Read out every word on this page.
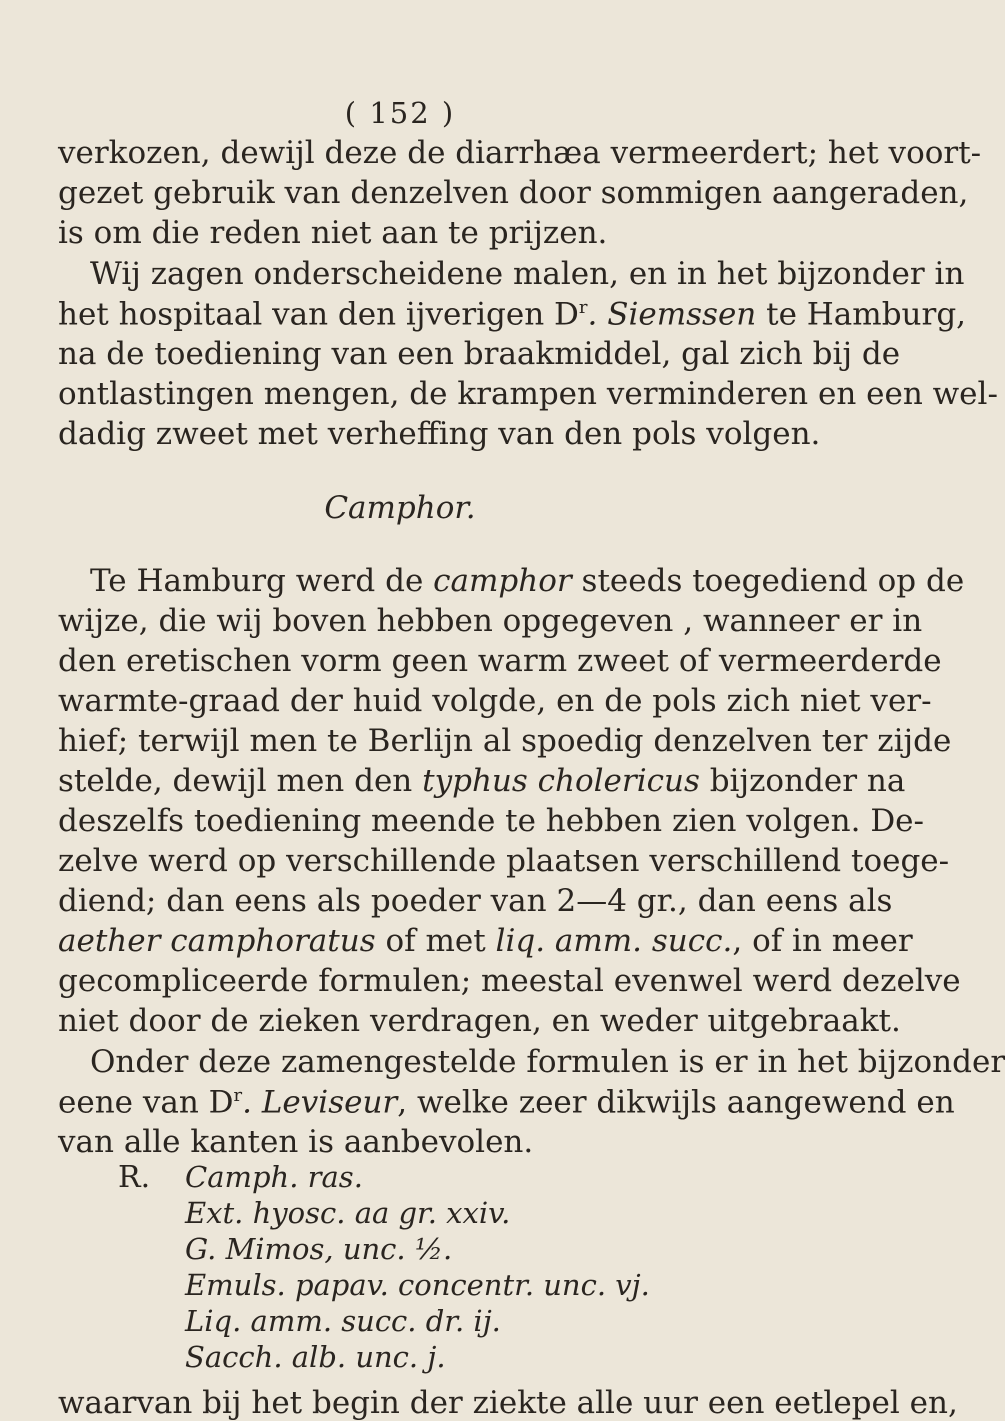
( 152 )
verkozen, dewijl deze de diarrhæa vermeerdert; het voort-
gezet gebruik van denzelven door sommigen aangeraden,
is om die reden niet aan te prijzen.
Wij zagen onderscheidene malen, en in het bijzonder in
het hospitaal van den ijverigen $D^r$. Siemssen te Hamburg,
na de toediening van een braakmiddel, gal zich bij de
ontlastingen mengen, de krampen verminderen en een wel-
dadig zweet met verheffing van den pols volgen.
Camphor.
Te Hamburg werd de camphor steeds toegediend op de
wijze, die wij boven hebben opgegeven , wanneer er in
den eretischen vorm geen warm zweet of vermeerderde
warmte-graad der huid volgde, en de pols zich niet ver-
hief; terwijl men te Berlijn al spoedig denzelven ter zijde
stelde, dewijl men den typhus cholericus bijzonder na
deszelfs toediening meende te hebben zien volgen. De-
zelve werd op verschillende plaatsen verschillend toege-
diend; dan eens als poeder van 2—4 gr., dan eens als
aether camphoratus of met liq. amm. succ., of in meer
gecompliceerde formulen; meestal evenwel werd dezelve
niet door de zieken verdragen, en weder uitgebraakt.
Onder deze zamengestelde formulen is er in het bijzonder
eene van $D^r$. Leviseur, welke zeer dikwijls aangewend en
van alle kanten is aanbevolen.
R. Camph. ras.
Ext. hyosc. aa gr. xxiv.
G. Mimos, unc. ½.
Emuls. papav. concentr. unc. vj.
Liq. amm. succ. dr. ij.
Sacch. alb. unc. j.
waarvan bij het begin der ziekte alle uur een eetlepel en,
